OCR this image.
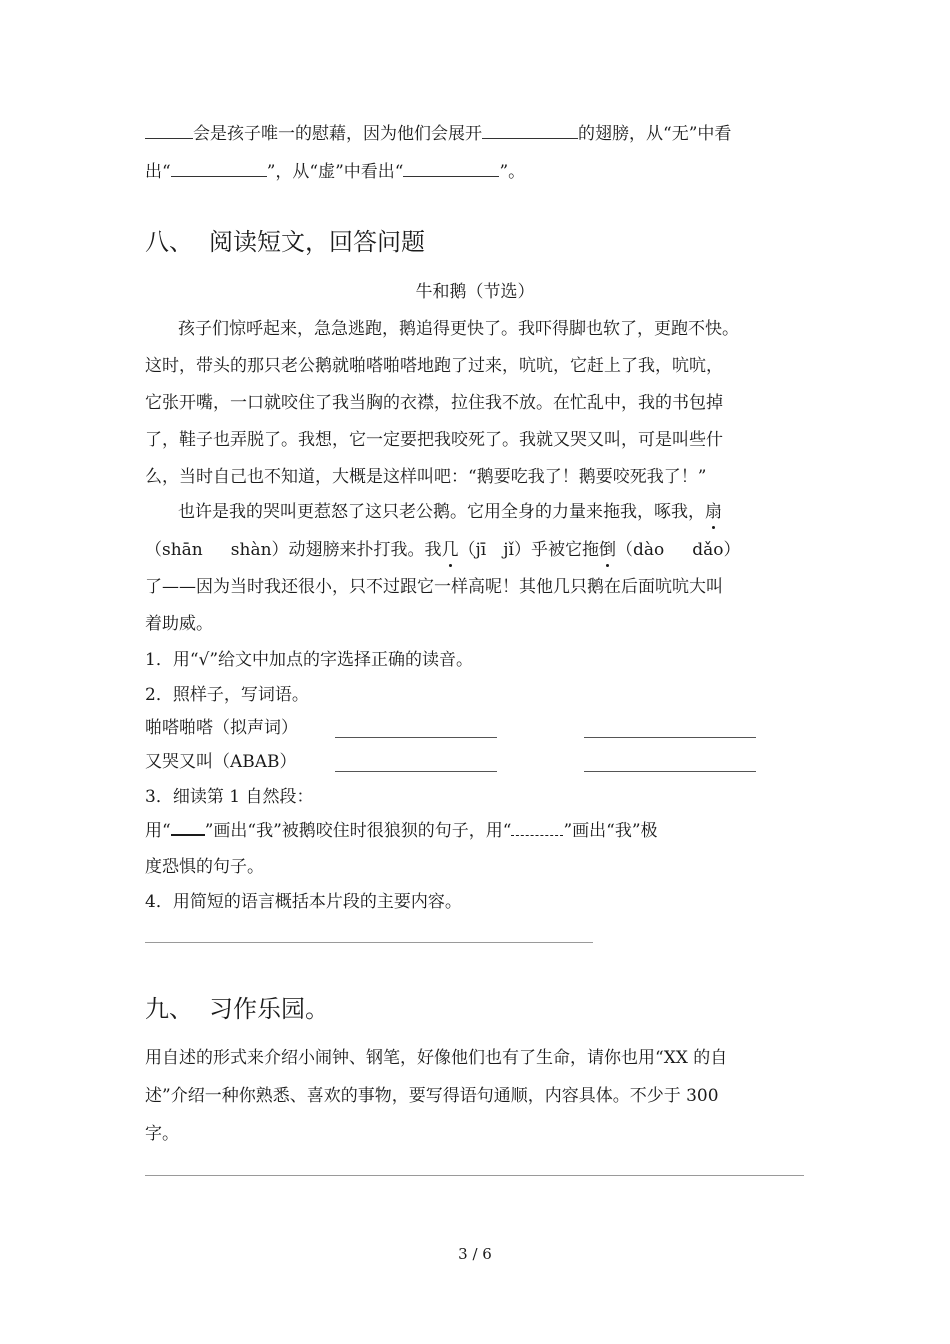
会是孩子唯一的慰藉，因为他们会展开	的翅膀，从“无”中看
出“	”，从“虚”中看出“	”。
八、 阅读短文，回答问题
牛和鹅（节选）
孩子们惊呼起来，急急逃跑，鹅追得更快了。我吓得脚也软了，更跑不快。
这时，带头的那只老公鹅就啪嗒啪嗒地跑了过来，吭吭，它赶上了我，吭吭，
它张开嘴，一口就咬住了我当胸的衣襟，拉住我不放。在忙乱中，我的书包掉
了，鞋子也弄脱了。我想，它一定要把我咬死了。我就又哭又叫，可是叫些什
么，当时自己也不知道，大概是这样叫吧：“鹅要吃我了！鹅要咬死我了！”
也许是我的哭叫更惹怒了这只老公鹅。它用全身的力量来拖我，啄我，扇
（shān shàn）动翅膀来扑打我。我几（jī　jǐ）乎被它拖倒（dào dǎo）
了——因为当时我还很小，只不过跟它一样高呢！其他几只鹅在后面吭吭大叫
着助威。
1．用“√”给文中加点的字选择正确的读音。
2．照样子，写词语。
啪嗒啪嗒（拟声词）
又哭又叫（ABAB）
3．细读第 1 自然段：
用“ ”画出“我”被鹅咬住时很狼狈的句子，用“	”画出“我”极
度恐惧的句子。
4．用简短的语言概括本片段的主要内容。
九、 习作乐园。
用自述的形式来介绍小闹钟、钢笔，好像他们也有了生命，请你也用“XX 的自
述”介绍一种你熟悉、喜欢的事物，要写得语句通顺，内容具体。不少于 300
字。
3 / 6
